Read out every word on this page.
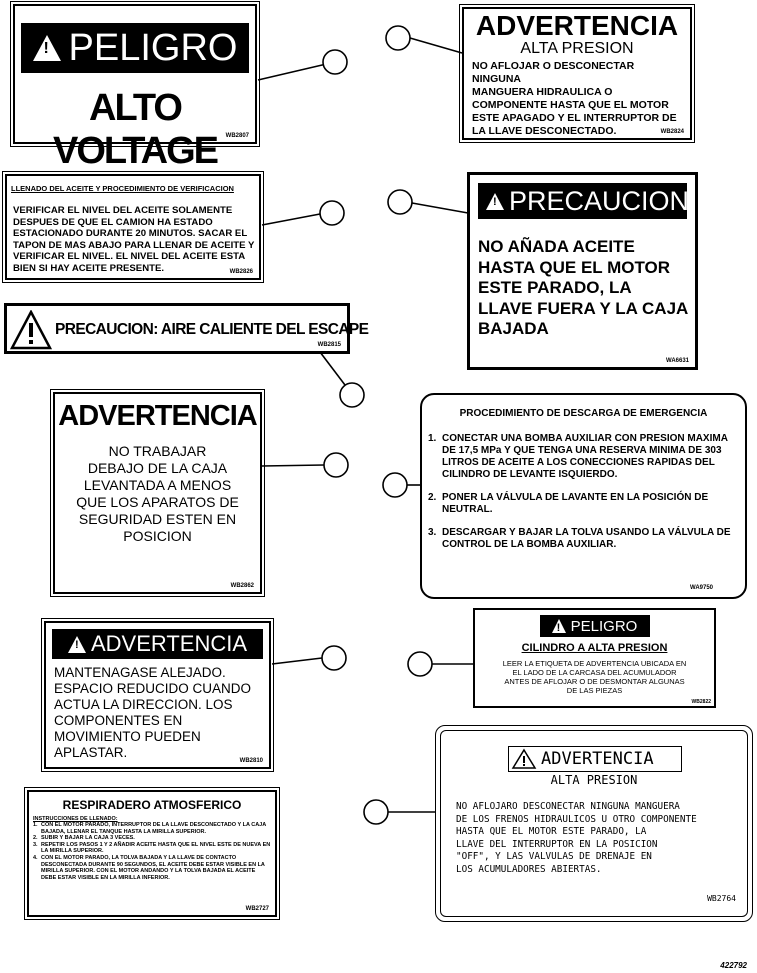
!
PELIGRO
ALTO VOLTAGE	WB2807
ADVERTENCIA
ALTA PRESION

NO AFLOJAR O DESCONECTAR NINGUNA

MANGUERA HIDRAULICA O

COMPONENTE HASTA QUE EL MOTOR

ESTE APAGADO Y EL INTERRUPTOR DE

LA LLAVE DESCONECTADO.	WB2824
LLENADO DEL ACEITE Y PROCEDIMIENTO DE VERIFICACION

VERIFICAR EL NIVEL DEL ACEITE SOLAMENTE

DESPUES DE QUE EL CAMION HA ESTADO

ESTACIONADO DURANTE 20 MINUTOS. SACAR EL

TAPON DE MAS ABAJO PARA LLENAR DE ACEITE Y

VERIFICAR EL NIVEL. EL NIVEL DEL ACEITE ESTA

BIEN SI HAY ACEITE PRESENTE.	WB2826
!
PRECAUCION

NO AÑADA ACEITE

HASTA QUE EL MOTOR

ESTE PARADO, LA

LLAVE FUERA Y LA CAJA

BAJADA

WA6631
PRECAUCION: AIRE CALIENTE DEL ESCAPE
WB2815
ADVERTENCIA

NO TRABAJAR

DEBAJO DE LA CAJA

LEVANTADA A MENOS

QUE LOS APARATOS DE

SEGURIDAD ESTEN EN

POSICION

WB2862
PROCEDIMIENTO DE DESCARGA DE EMERGENCIA
1. CONECTAR UNA BOMBA AUXILIAR CON PRESION MAXIMA DE 17,5 MPa Y QUE TENGA UNA RESERVA MINIMA DE 303 LITROS DE ACEITE A LOS CONECCIONES RAPIDAS DEL CILINDRO DE LEVANTE ISQUIERDO.
2. PONER LA VÁLVULA DE LAVANTE EN LA POSICIÓN DE NEUTRAL.
3. DESCARGAR Y BAJAR LA TOLVA USANDO LA VÁLVULA DE CONTROL DE LA BOMBA AUXILIAR.
WA9750
!
ADVERTENCIA

MANTENAGASE ALEJADO.

ESPACIO REDUCIDO CUANDO

ACTUA LA DIRECCION. LOS

COMPONENTES EN

MOVIMIENTO PUEDEN

APLASTAR.

WB2810
!
PELIGRO
CILINDRO A ALTA PRESION

LEER LA ETIQUETA DE ADVERTENCIA UBICADA EN

EL LADO DE LA CARCASA DEL ACUMULADOR

ANTES DE AFLOJAR O DE DESMONTAR ALGUNAS

DE LAS PIEZAS

WB2822
RESPIRADERO ATMOSFERICO
INSTRUCCIONES DE LLENADO:
1. CON EL MOTOR PARADO, INTERRUPTOR DE LA LLAVE DESCONECTADO Y LA CAJA BAJADA, LLENAR EL TANQUE HASTA LA MIRILLA SUPERIOR.
2. SUBIR Y BAJAR LA CAJA 3 VECES.
3. REPETIR LOS PASOS 1 Y 2 AÑADIR ACEITE HASTA QUE EL NIVEL ESTE DE NUEVA EN LA MIRILLA SUPERIOR.
4. CON EL MOTOR PARADO, LA TOLVA BAJADA Y LA LLAVE DE CONTACTO DESCONECTADA DURANTE 90 SEGUNDOS, EL ACEITE DEBE ESTAR VISIBLE EN LA MIRILLA SUPERIOR. CON EL MOTOR ANDANDO Y LA TOLVA BAJADA EL ACEITE DEBE ESTAR VISIBLE EN LA MIRILLA INFERIOR.
WB2727
ADVERTENCIA
ALTA PRESION

NO AFLOJARO DESCONECTAR NINGUNA MANGUERA

DE LOS FRENOS HIDRAULICOS U OTRO COMPONENTE

HASTA QUE EL MOTOR ESTE PARADO, LA

LLAVE DEL INTERRUPTOR EN LA POSICION

"OFF", Y LAS VALVULAS DE DRENAJE EN

LOS ACUMULADORES ABIERTAS.

WB2764
422792
